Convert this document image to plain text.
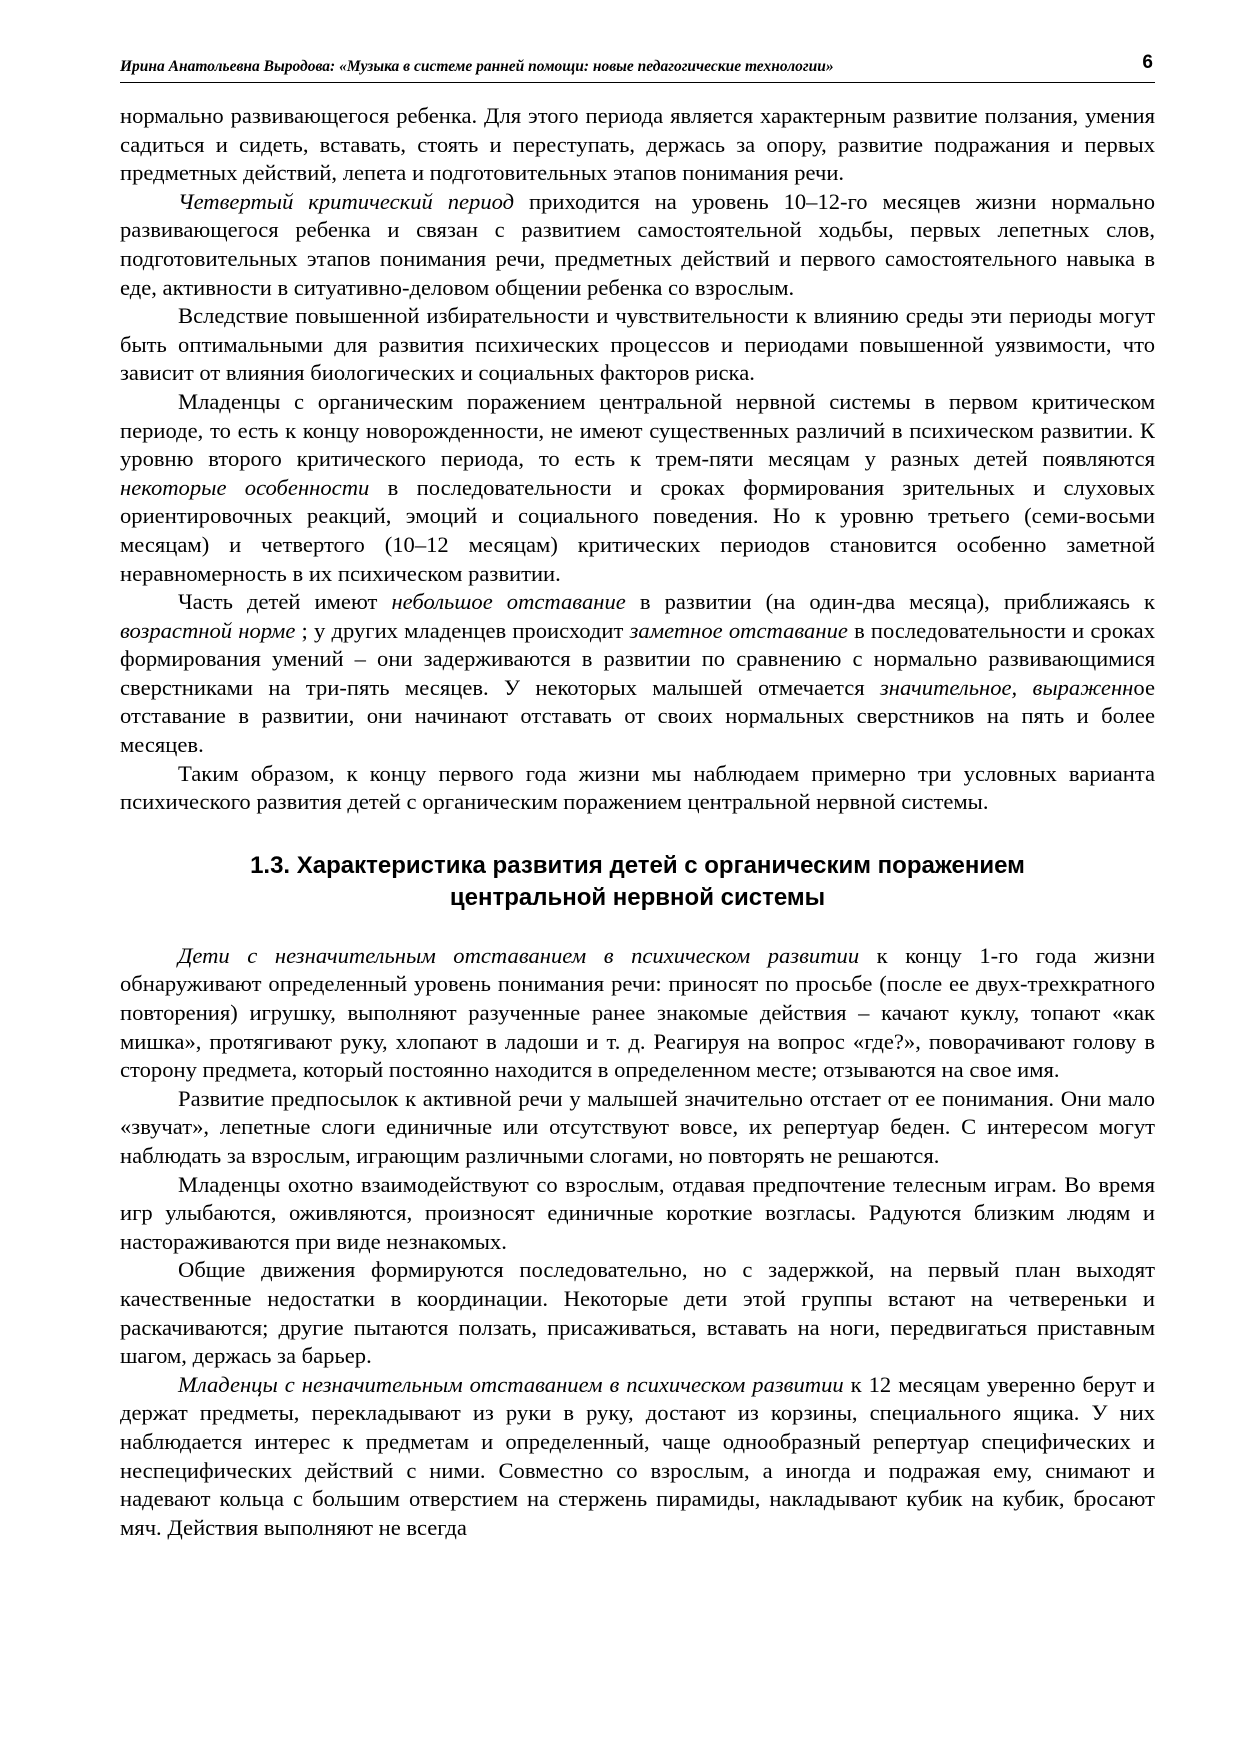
Ирина Анатольевна Выродова: «Музыка в системе ранней помощи: новые педагогические технологии»	6

нормально развивающегося ребенка. Для этого периода является характерным развитие ползания, умения садиться и сидеть, вставать, стоять и переступать, держась за опору, развитие подражания и первых предметных действий, лепета и подготовительных этапов понимания речи.

Четвертый критический период приходится на уровень 10–12-го месяцев жизни нормально развивающегося ребенка и связан с развитием самостоятельной ходьбы, первых лепетных слов, подготовительных этапов понимания речи, предметных действий и первого самостоятельного навыка в еде, активности в ситуативно-деловом общении ребенка со взрослым.

Вследствие повышенной избирательности и чувствительности к влиянию среды эти периоды могут быть оптимальными для развития психических процессов и периодами повышенной уязвимости, что зависит от влияния биологических и социальных факторов риска.

Младенцы с органическим поражением центральной нервной системы в первом критическом периоде, то есть к концу новорожденности, не имеют существенных различий в психическом развитии. К уровню второго критического периода, то есть к трем-пяти месяцам у разных детей появляются некоторые особенности в последовательности и сроках формирования зрительных и слуховых ориентировочных реакций, эмоций и социального поведения. Но к уровню третьего (семи-восьми месяцам) и четвертого (10–12 месяцам) критических периодов становится особенно заметной неравномерность в их психическом развитии.

Часть детей имеют небольшое отставание в развитии (на один-два месяца), приближаясь к возрастной норме ; у других младенцев происходит заметное отставание в последовательности и сроках формирования умений – они задерживаются в развитии по сравнению с нормально развивающимися сверстниками на три-пять месяцев. У некоторых малышей отмечается значительное, выраженное отставание в развитии, они начинают отставать от своих нормальных сверстников на пять и более месяцев.

Таким образом, к концу первого года жизни мы наблюдаем примерно три условных варианта психического развития детей с органическим поражением центральной нервной системы.

1.3. Характеристика развития детей с органическим поражением
центральной нервной системы

Дети с незначительным отставанием в психическом развитии к концу 1-го года жизни обнаруживают определенный уровень понимания речи: приносят по просьбе (после ее двух-трехкратного повторения) игрушку, выполняют разученные ранее знакомые действия – качают куклу, топают «как мишка», протягивают руку, хлопают в ладоши и т. д. Реагируя на вопрос «где?», поворачивают голову в сторону предмета, который постоянно находится в определенном месте; отзываются на свое имя.

Развитие предпосылок к активной речи у малышей значительно отстает от ее понимания. Они мало «звучат», лепетные слоги единичные или отсутствуют вовсе, их репертуар беден. С интересом могут наблюдать за взрослым, играющим различными слогами, но повторять не решаются.

Младенцы охотно взаимодействуют со взрослым, отдавая предпочтение телесным играм. Во время игр улыбаются, оживляются, произносят единичные короткие возгласы. Радуются близким людям и настораживаются при виде незнакомых.

Общие движения формируются последовательно, но с задержкой, на первый план выходят качественные недостатки в координации. Некоторые дети этой группы встают на четвереньки и раскачиваются; другие пытаются ползать, присаживаться, вставать на ноги, передвигаться приставным шагом, держась за барьер.

Младенцы с незначительным отставанием в психическом развитии к 12 месяцам уверенно берут и держат предметы, перекладывают из руки в руку, достают из корзины, специального ящика. У них наблюдается интерес к предметам и определенный, чаще однообразный репертуар специфических и неспецифических действий с ними. Совместно со взрослым, а иногда и подражая ему, снимают и надевают кольца с большим отверстием на стержень пирамиды, накладывают кубик на кубик, бросают мяч. Действия выполняют не всегда
